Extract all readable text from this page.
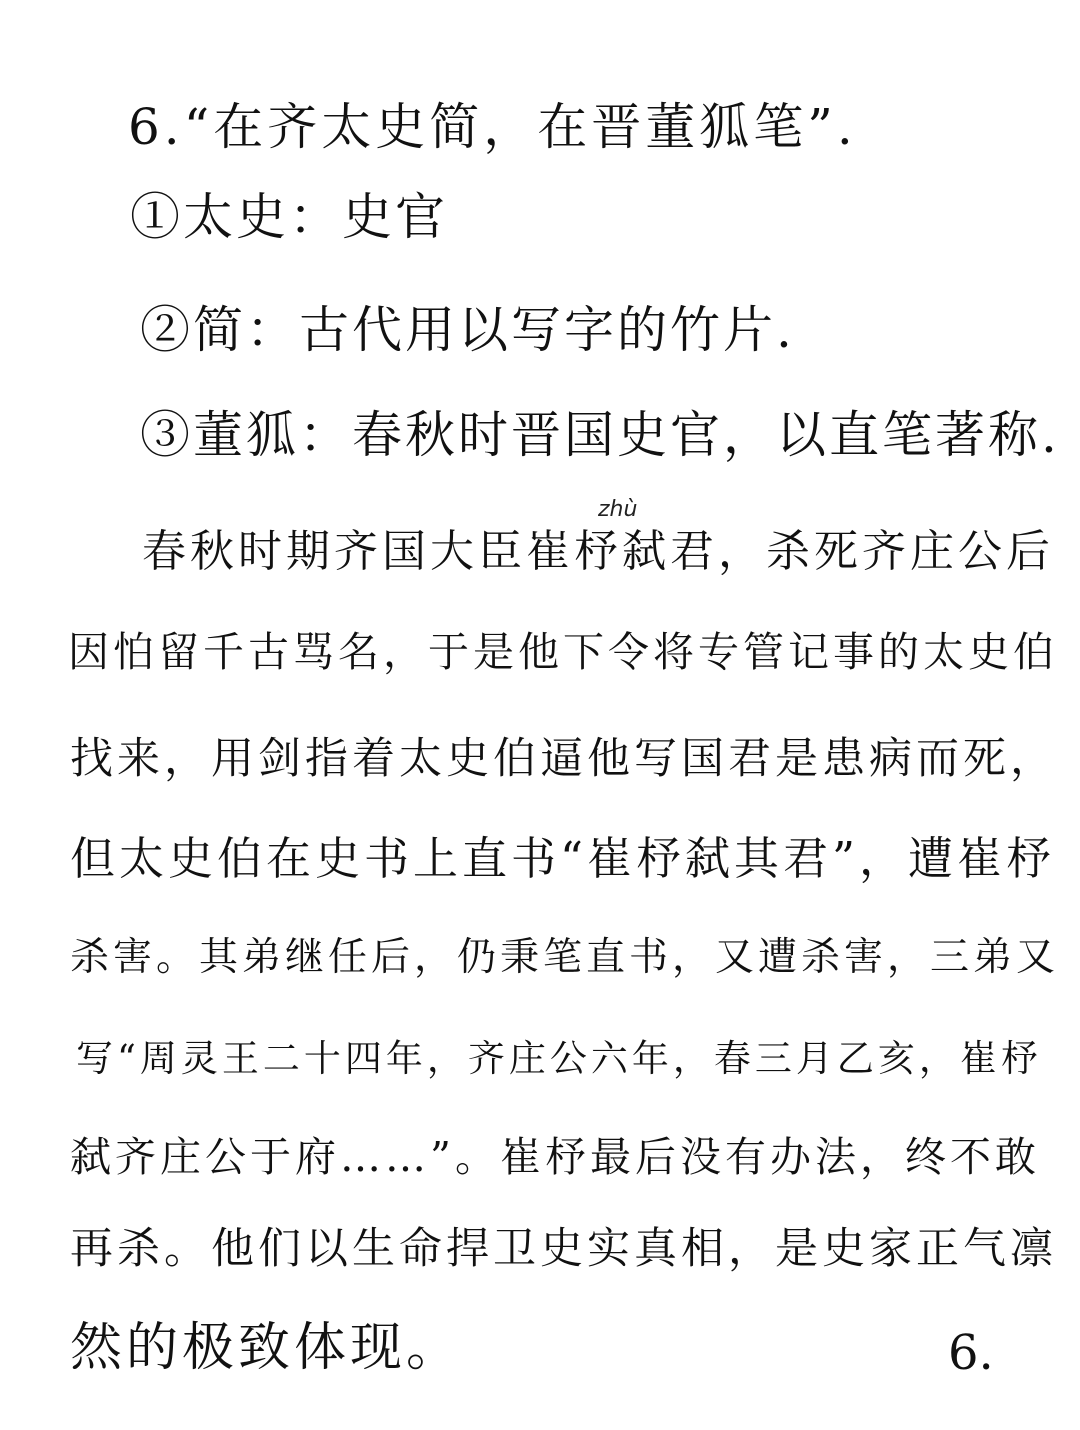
6.“在齐太史简，在晋董狐笔”.
①太史：史官
②简：古代用以写字的竹片.
③董狐：春秋时晋国史官，以直笔著称.
zhù
春秋时期齐国大臣崔杼弑君，杀死齐庄公后
因怕留千古骂名，于是他下令将专管记事的太史伯
找来，用剑指着太史伯逼他写国君是患病而死，
但太史伯在史书上直书“崔杼弑其君”，遭崔杼
杀害。其弟继任后，仍秉笔直书，又遭杀害，三弟又
写“周灵王二十四年，齐庄公六年，春三月乙亥，崔杼
弑齐庄公于府……”。崔杼最后没有办法，终不敢
再杀。他们以生命捍卫史实真相，是史家正气凛
然的极致体现。	6.
